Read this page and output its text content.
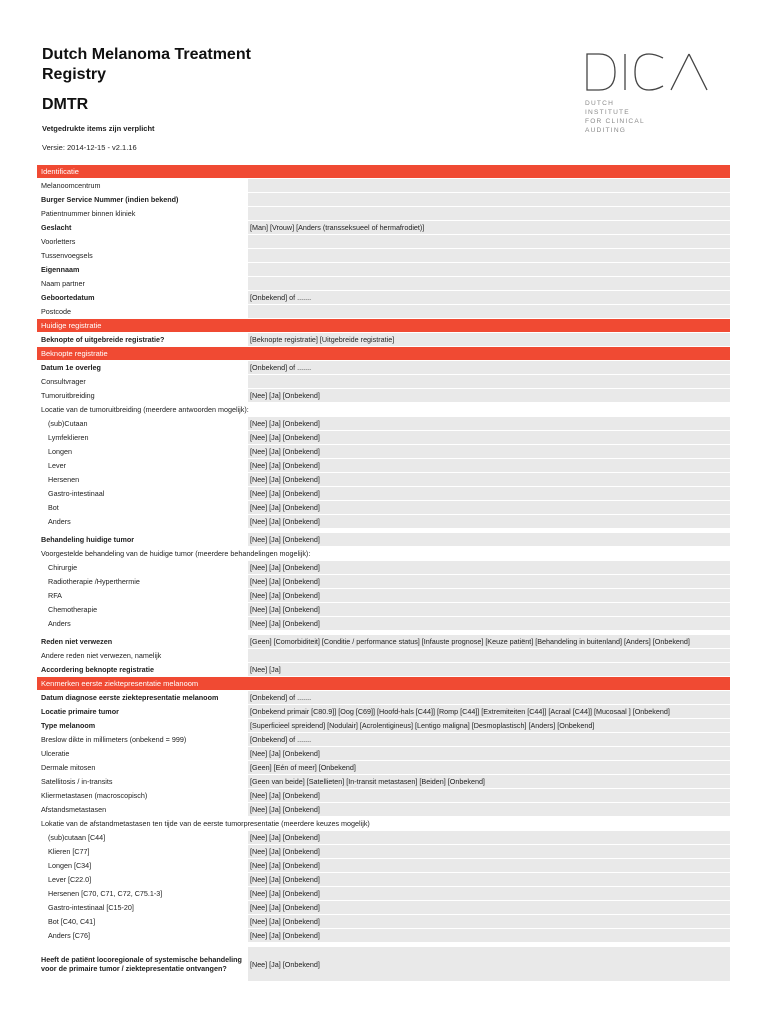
Dutch Melanoma Treatment Registry
DMTR
Vetgedrukte items zijn verplicht
Versie: 2014-12-15 - v2.1.16
DUTCH
INSTITUTE
FOR CLINICAL
AUDITING
Identificatie
Melanoomcentrum
Burger Service Nummer (indien bekend)
Patientnummer binnen kliniek
Geslacht	[Man] [Vrouw] [Anders (transseksueel of hermafrodiet)]
Voorletters
Tussenvoegsels
Eigennaam
Naam partner
Geboortedatum	[Onbekend] of .......
Postcode
Huidige registratie
Beknopte of uitgebreide registratie?	[Beknopte registratie] [Uitgebreide registratie]
Beknopte registratie
Datum 1e overleg	[Onbekend] of .......
Consultvrager
Tumoruitbreiding	[Nee] [Ja] [Onbekend]
Locatie van de tumoruitbreiding (meerdere antwoorden mogelijk):
(sub)Cutaan	[Nee] [Ja] [Onbekend]
Lymfeklieren	[Nee] [Ja] [Onbekend]
Longen	[Nee] [Ja] [Onbekend]
Lever	[Nee] [Ja] [Onbekend]
Hersenen	[Nee] [Ja] [Onbekend]
Gastro-intestinaal	[Nee] [Ja] [Onbekend]
Bot	[Nee] [Ja] [Onbekend]
Anders	[Nee] [Ja] [Onbekend]
Behandeling huidige tumor	[Nee] [Ja] [Onbekend]
Voorgestelde behandeling van de huidige tumor (meerdere behandelingen mogelijk):
Chirurgie	[Nee] [Ja] [Onbekend]
Radiotherapie /Hyperthermie	[Nee] [Ja] [Onbekend]
RFA	[Nee] [Ja] [Onbekend]
Chemotherapie	[Nee] [Ja] [Onbekend]
Anders	[Nee] [Ja] [Onbekend]
Reden niet verwezen	[Geen] [Comorbiditeit] [Conditie / performance status] [Infauste prognose] [Keuze patiënt] [Behandeling in buitenland] [Anders] [Onbekend]
Andere reden niet verwezen, namelijk
Accordering beknopte registratie	[Nee] [Ja]
Kenmerken eerste ziektepresentatie melanoom
Datum diagnose eerste ziektepresentatie melanoom	[Onbekend] of .......
Locatie primaire tumor	[Onbekend primair [C80.9]] [Oog [C69]] [Hoofd-hals [C44]] [Romp [C44]] [Extremiteiten [C44]] [Acraal [C44]] [Mucosaal ] [Onbekend]
Type melanoom	[Superficieel spreidend] [Nodulair] [Acrolentigineus] [Lentigo maligna] [Desmoplastisch] [Anders] [Onbekend]
Breslow dikte in millimeters (onbekend = 999)	[Onbekend] of .......
Ulceratie	[Nee] [Ja] [Onbekend]
Dermale mitosen	[Geen] [Eén of meer] [Onbekend]
Satellitosis / in-transits	[Geen van beide] [Satellieten] [In-transit metastasen] [Beiden] [Onbekend]
Kliermetastasen (macroscopisch)	[Nee] [Ja] [Onbekend]
Afstandsmetastasen	[Nee] [Ja] [Onbekend]
Lokatie van de afstandmetastasen ten tijde van de eerste tumorpresentatie (meerdere keuzes mogelijk)
(sub)cutaan [C44]	[Nee] [Ja] [Onbekend]
Klieren [C77]	[Nee] [Ja] [Onbekend]
Longen [C34]	[Nee] [Ja] [Onbekend]
Lever [C22.0]	[Nee] [Ja] [Onbekend]
Hersenen [C70, C71, C72, C75.1-3]	[Nee] [Ja] [Onbekend]
Gastro-intestinaal [C15-20]	[Nee] [Ja] [Onbekend]
Bot [C40, C41]	[Nee] [Ja] [Onbekend]
Anders [C76]	[Nee] [Ja] [Onbekend]
Heeft de patiënt locoregionale of systemische behandeling voor de primaire tumor / ziektepresentatie ontvangen?	[Nee] [Ja] [Onbekend]
